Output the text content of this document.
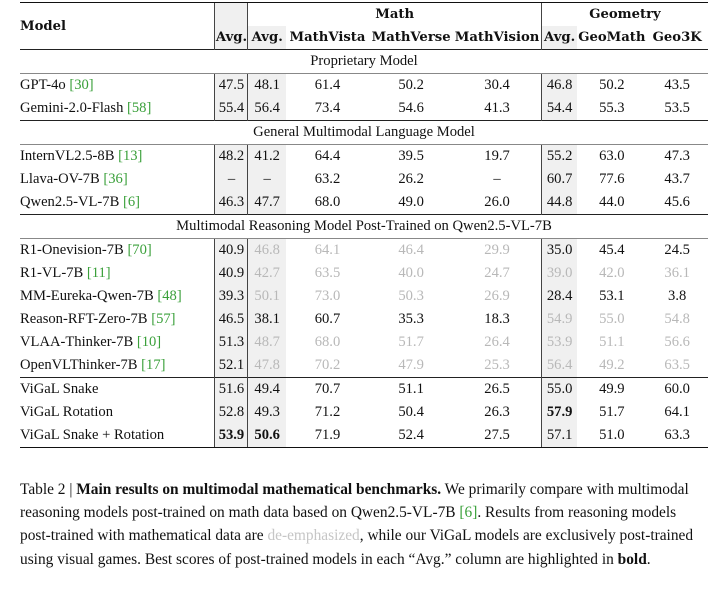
Model		Math				Geometry		
	Avg.	Avg.	MathVista	MathVerse	MathVision	Avg.	GeoMath	Geo3K
Proprietary Model								
GPT-4o [30]	47.5	48.1	61.4	50.2	30.4	46.8	50.2	43.5
Gemini-2.0-Flash [58]	55.4	56.4	73.4	54.6	41.3	54.4	55.3	53.5
General Multimodal Language Model								
InternVL2.5-8B [13]	48.2	41.2	64.4	39.5	19.7	55.2	63.0	47.3
Llava-OV-7B [36]	–	–	63.2	26.2	–	60.7	77.6	43.7
Qwen2.5-VL-7B [6]	46.3	47.7	68.0	49.0	26.0	44.8	44.0	45.6
Multimodal Reasoning Model Post-Trained on Qwen2.5-VL-7B								
R1-Onevision-7B [70]	40.9	46.8	64.1	46.4	29.9	35.0	45.4	24.5
R1-VL-7B [11]	40.9	42.7	63.5	40.0	24.7	39.0	42.0	36.1
MM-Eureka-Qwen-7B [48]	39.3	50.1	73.0	50.3	26.9	28.4	53.1	3.8
Reason-RFT-Zero-7B [57]	46.5	38.1	60.7	35.3	18.3	54.9	55.0	54.8
VLAA-Thinker-7B [10]	51.3	48.7	68.0	51.7	26.4	53.9	51.1	56.6
OpenVLThinker-7B [17]	52.1	47.8	70.2	47.9	25.3	56.4	49.2	63.5
ViGaL Snake	51.6	49.4	70.7	51.1	26.5	55.0	49.9	60.0
ViGaL Rotation	52.8	49.3	71.2	50.4	26.3	57.9	51.7	64.1
ViGaL Snake + Rotation	53.9	50.6	71.9	52.4	27.5	57.1	51.0	63.3
Table 2 | Main results on multimodal mathematical benchmarks. We primarily compare with multimodal reasoning models post-trained on math data based on Qwen2.5-VL-7B [6]. Results from reasoning models post-trained with mathematical data are de-emphasized, while our ViGaL models are exclusively post-trained using visual games. Best scores of post-trained models in each “Avg.” column are highlighted in bold.
